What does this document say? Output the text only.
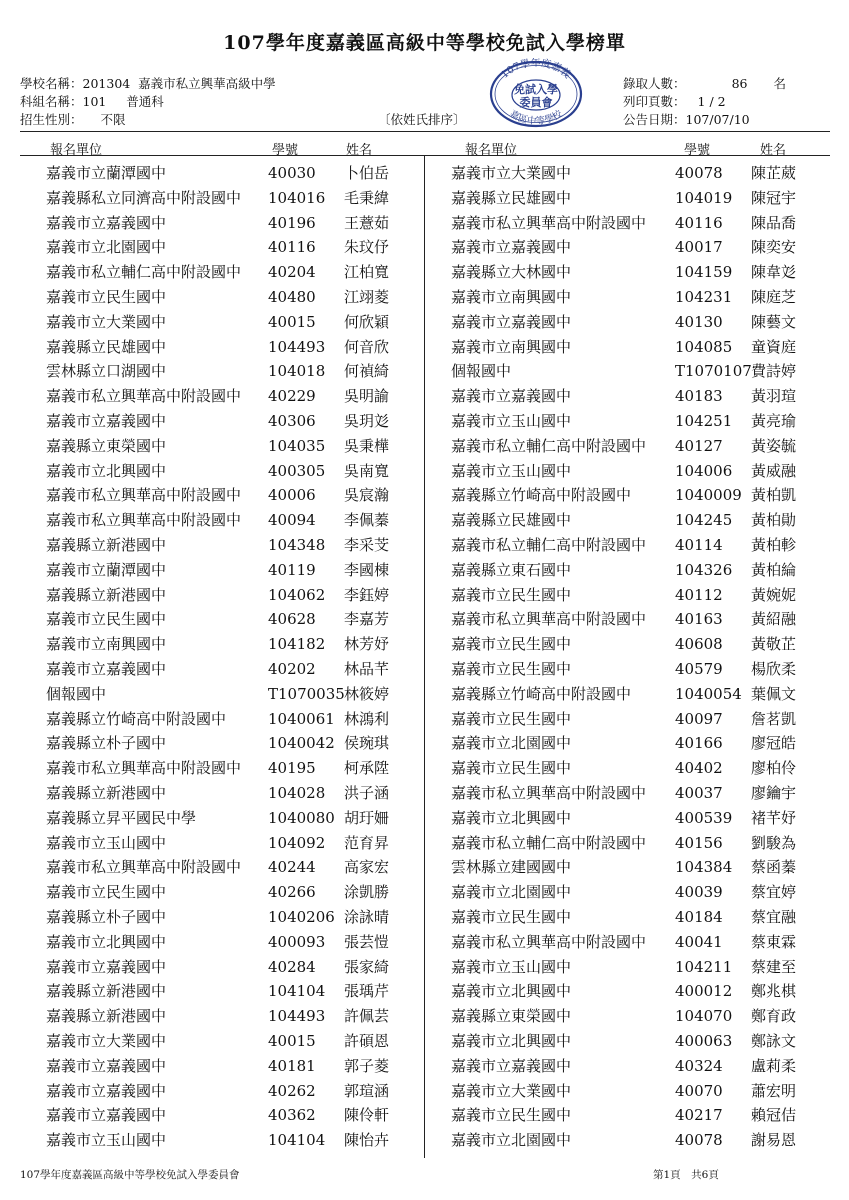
107學年度嘉義區高級中等學校免試入學榜單
學校名稱：201304  嘉義市私立興華高級中學
科組名稱：101     普通科
招生性別： 不限	〔依姓氏排序〕
錄取人數：	86 名
列印頁數： 1 / 2
公告日期：107/07/10
107學年度嘉義
免試入學
委員會
嘉區中等學校
報名單位	學號	姓名	報名單位	學號	姓名
嘉義市立蘭潭國中	40030 卜伯岳
嘉義縣私立同濟高中附設國中 104016 毛秉緯
嘉義市立嘉義國中	40196 王薏茹
嘉義市立北園國中	40116 朱玟伃
嘉義市私立輔仁高中附設國中 40204 江柏寬
嘉義市立民生國中	40480 江翊菱
嘉義市立大業國中	40015 何欣穎
嘉義縣立民雄國中	104493 何音欣
雲林縣立口湖國中	104018 何禎綺
嘉義市私立興華高中附設國中 40229 吳明諭
嘉義市立嘉義國中	40306 吳玥彣
嘉義縣立東榮國中	104035 吳秉樺
嘉義市立北興國中	400305 吳南寬
嘉義市私立興華高中附設國中 40006 吳宸瀚
嘉義市私立興華高中附設國中 40094 李佩蓁
嘉義縣立新港國中	104348 李采芠
嘉義市立蘭潭國中	40119 李國棟
嘉義縣立新港國中	104062 李鈺婷
嘉義市立民生國中	40628 李嘉芳
嘉義市立南興國中	104182 林芳妤
嘉義市立嘉義國中	40202 林品芊
個報國中	T1070035 林筱婷
嘉義縣立竹崎高中附設國中	1040061 林鴻利
嘉義縣立朴子國中	1040042 侯琬琪
嘉義市私立興華高中附設國中 40195 柯承陞
嘉義縣立新港國中	104028 洪子涵
嘉義縣立昇平國民中學	1040080 胡玗姍
嘉義市立玉山國中	104092 范育昇
嘉義市私立興華高中附設國中 40244 高家宏
嘉義市立民生國中	40266 涂凱勝
嘉義縣立朴子國中	1040206 涂詠晴
嘉義市立北興國中	400093 張芸愷
嘉義市立嘉義國中	40284 張家綺
嘉義縣立新港國中	104104 張瑀芹
嘉義縣立新港國中	104493 許佩芸
嘉義市立大業國中	40015 許碩恩
嘉義市立嘉義國中	40181 郭子菱
嘉義市立嘉義國中	40262 郭瑄涵
嘉義市立嘉義國中	40362 陳伶軒
嘉義市立玉山國中	104104 陳怡卉
嘉義市立大業國中	40078 陳芷葳
嘉義縣立民雄國中	104019 陳冠宇
嘉義市私立興華高中附設國中 40116 陳品喬
嘉義市立嘉義國中	40017 陳奕安
嘉義縣立大林國中	104159 陳韋彣
嘉義市立南興國中	104231 陳庭芝
嘉義市立嘉義國中	40130 陳藝文
嘉義市立南興國中	104085 童資庭
個報國中	T1070107 費詩婷
嘉義市立嘉義國中	40183 黃羽瑄
嘉義市立玉山國中	104251 黃亮瑜
嘉義市私立輔仁高中附設國中 40127 黃姿毓
嘉義市立玉山國中	104006 黃威融
嘉義縣立竹崎高中附設國中	1040009 黃柏凱
嘉義縣立民雄國中	104245 黃柏勛
嘉義市私立輔仁高中附設國中 40114 黃柏軫
嘉義縣立東石國中	104326 黃柏綸
嘉義市立民生國中	40112 黃婉妮
嘉義市私立興華高中附設國中 40163 黃紹融
嘉義市立民生國中	40608 黃敬芷
嘉義市立民生國中	40579 楊欣柔
嘉義縣立竹崎高中附設國中	1040054 葉佩文
嘉義市立民生國中	40097 詹茗凱
嘉義市立北園國中	40166 廖冠皓
嘉義市立民生國中	40402 廖柏伶
嘉義市私立興華高中附設國中 40037 廖鑰宇
嘉義市立北興國中	400539 褚芊妤
嘉義市私立輔仁高中附設國中 40156 劉駿為
雲林縣立建國國中	104384 蔡函蓁
嘉義市立北園國中	40039 蔡宜婷
嘉義市立民生國中	40184 蔡宜融
嘉義市私立興華高中附設國中 40041 蔡東霖
嘉義市立玉山國中	104211 蔡建至
嘉義市立北興國中	400012 鄭兆棋
嘉義縣立東榮國中	104070 鄭育政
嘉義市立北興國中	400063 鄭詠文
嘉義市立嘉義國中	40324 盧莉柔
嘉義市立大業國中	40070 蕭宏明
嘉義市立民生國中	40217 賴冠佶
嘉義市立北園國中	40078 謝易恩
107學年度嘉義區高級中等學校免試入學委員會	第1頁　共6頁
